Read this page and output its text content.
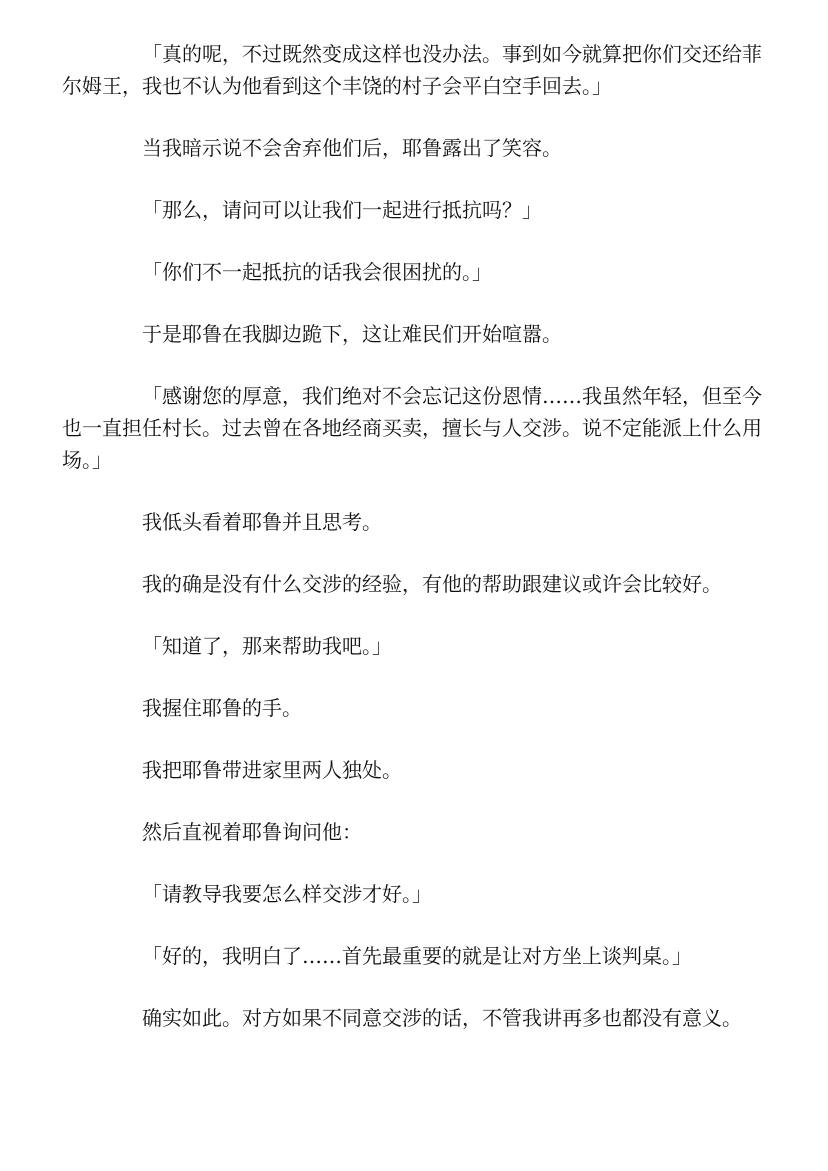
「真的呢，不过既然变成这样也没办法。事到如今就算把你们交还给菲尔姆王，我也不认为他看到这个丰饶的村子会平白空手回去。」

当我暗示说不会舍弃他们后，耶鲁露出了笑容。

「那么，请问可以让我们一起进行抵抗吗？」

「你们不一起抵抗的话我会很困扰的。」

于是耶鲁在我脚边跪下，这让难民们开始喧嚣。

「感谢您的厚意，我们绝对不会忘记这份恩情……我虽然年轻，但至今也一直担任村长。过去曾在各地经商买卖，擅长与人交涉。说不定能派上什么用场。」

我低头看着耶鲁并且思考。

我的确是没有什么交涉的经验，有他的帮助跟建议或许会比较好。

「知道了，那来帮助我吧。」

我握住耶鲁的手。

我把耶鲁带进家里两人独处。

然后直视着耶鲁询问他：

「请教导我要怎么样交涉才好。」

「好的，我明白了……首先最重要的就是让对方坐上谈判桌。」

确实如此。对方如果不同意交涉的话，不管我讲再多也都没有意义。
